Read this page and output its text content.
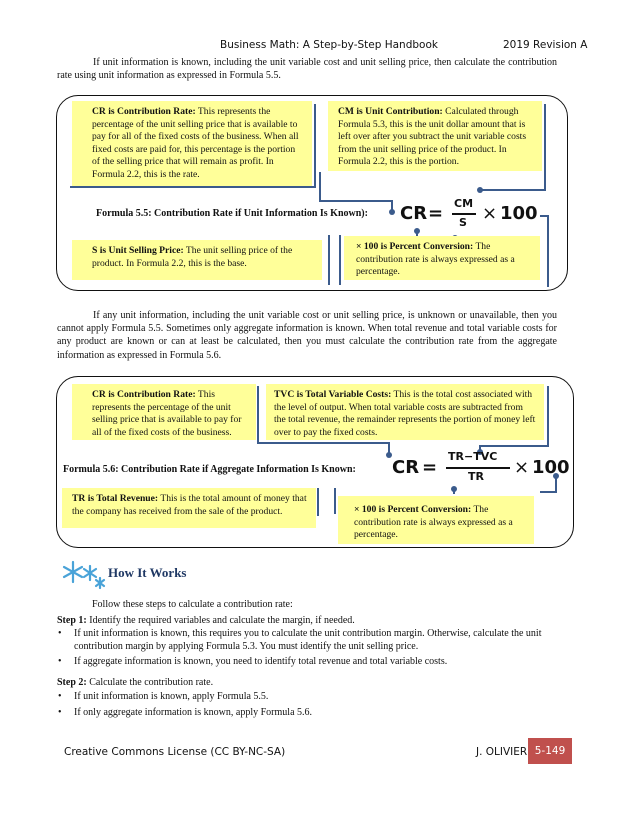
Business Math: A Step-by-Step Handbook	2019 Revision A
If unit information is known, including the unit variable cost and unit selling price, then calculate the contribution rate using unit information as expressed in Formula 5.5.
CR is Contribution Rate: This represents the percentage of the unit selling price that is available to pay for all of the fixed costs of the business. When all fixed costs are paid for, this percentage is the portion of the selling price that will remain as profit. In Formula 2.2, this is the rate.
CM is Unit Contribution: Calculated through Formula 5.3, this is the unit dollar amount that is left over after you subtract the unit variable costs from the unit selling price of the product. In Formula 2.2, this is the portion.
Formula 5.5: Contribution Rate if Unit Information Is Known): CR = CM
S × 100
S is Unit Selling Price: The unit selling price of the product. In Formula 2.2, this is the base.
× 100 is Percent Conversion: The contribution rate is always expressed as a percentage.
If any unit information, including the unit variable cost or unit selling price, is unknown or unavailable, then you cannot apply Formula 5.5. Sometimes only aggregate information is known. When total revenue and total variable costs for any product are known or can at least be calculated, then you must calculate the contribution rate from the aggregate information as expressed in Formula 5.6.
CR is Contribution Rate: This represents the percentage of the unit selling price that is available to pay for all of the fixed costs of the business.
TVC is Total Variable Costs: This is the total cost associated with the level of output. When total variable costs are subtracted from the total revenue, the remainder represents the portion of money left over to pay the fixed costs.
Formula 5.6: Contribution Rate if Aggregate Information Is Known: CR =
TR−TVC
TR × 100
TR is Total Revenue: This is the total amount of money that the company has received from the sale of the product.	× 100 is Percent Conversion: The contribution rate is always expressed as a percentage.
How It Works
Follow these steps to calculate a contribution rate:
Step 1: Identify the required variables and calculate the margin, if needed.
• If unit information is known, this requires you to calculate the unit contribution margin. Otherwise, calculate the unit contribution margin by applying Formula 5.3. You must identify the unit selling price.
• If aggregate information is known, you need to identify total revenue and total variable costs.
Step 2: Calculate the contribution rate.
• If unit information is known, apply Formula 5.5.
• If only aggregate information is known, apply Formula 5.6.
Creative Commons License (CC BY-NC-SA)	J. OLIVIER 5-149
